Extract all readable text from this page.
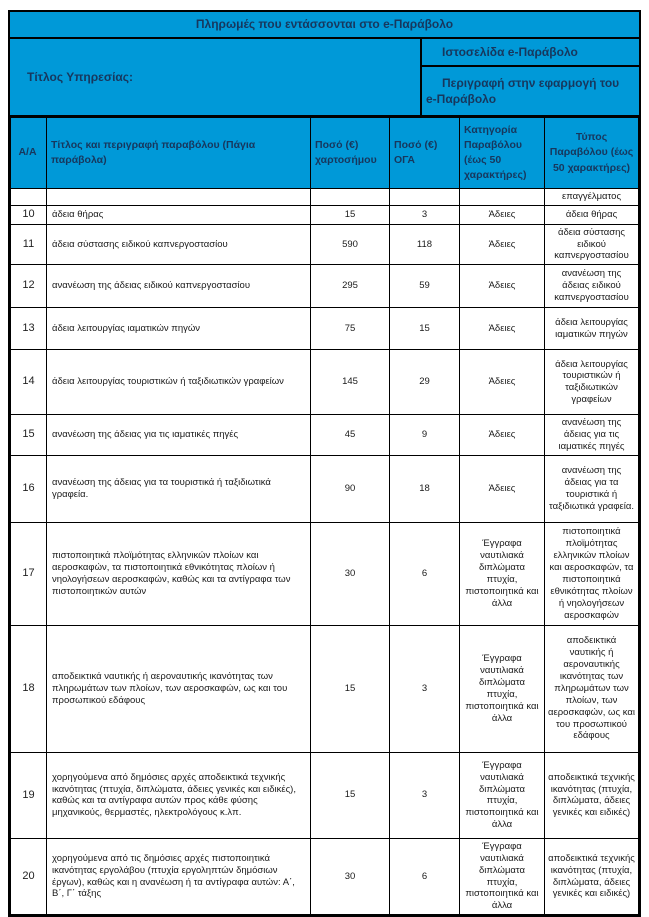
Πληρωμές που εντάσσονται στο e-Παράβολο
Τίτλος Υπηρεσίας:
Ιστοσελίδα e-Παράβολο
Περιγραφή στην εφαρμογή του e-Παράβολο
Α/Α	Τίτλος και περιγραφή παραβόλου (Πάγια παράβολα)	Ποσό (€) χαρτοσήμου	Ποσό (€) ΟΓΑ	Κατηγορία Παραβόλου (έως 50 χαρακτήρες)	Τύπος Παραβόλου (έως 50 χαρακτήρες)
					επαγγέλματος
10	άδεια θήρας	15	3	Άδειες	άδεια θήρας
11	άδεια σύστασης ειδικού καπνεργοστασίου	590	118	Άδειες	άδεια σύστασης ειδικού καπνεργοστασίου
12	ανανέωση της άδειας ειδικού καπνεργοστασίου	295	59	Άδειες	ανανέωση της άδειας ειδικού καπνεργοστασίου
13	άδεια λειτουργίας ιαματικών πηγών	75	15	Άδειες	άδεια λειτουργίας ιαματικών πηγών
14	άδεια λειτουργίας τουριστικών ή ταξιδιωτικών γραφείων	145	29	Άδειες	άδεια λειτουργίας τουριστικών ή ταξιδιωτικών γραφείων
15	ανανέωση της άδειας για τις ιαματικές πηγές	45	9	Άδειες	ανανέωση της άδειας για τις ιαματικές πηγές
16	ανανέωση της άδειας για τα τουριστικά ή ταξιδιωτικά γραφεία.	90	18	Άδειες	ανανέωση της άδειας για τα τουριστικά ή ταξιδιωτικά γραφεία.
17	πιστοποιητικά πλοϊμότητας ελληνικών πλοίων και αεροσκαφών, τα πιστοποιητικά εθνικότητας πλοίων ή νηολογήσεων αεροσκαφών, καθώς και τα αντίγραφα των πιστοποιητικών αυτών	30	6	Έγγραφα ναυτιλιακά διπλώματα πτυχία, πιστοποιητικά και άλλα	πιστοποιητικά πλοϊμότητας ελληνικών πλοίων και αεροσκαφών, τα πιστοποιητικά εθνικότητας πλοίων ή νηολογήσεων αεροσκαφών
18	αποδεικτικά ναυτικής ή αεροναυτικής ικανότητας των πληρωμάτων των πλοίων, των αεροσκαφών, ως και του προσωπικού εδάφους	15	3	Έγγραφα ναυτιλιακά διπλώματα πτυχία, πιστοποιητικά και άλλα	αποδεικτικά ναυτικής ή αεροναυτικής ικανότητας των πληρωμάτων των πλοίων, των αεροσκαφών, ως και του προσωπικού εδάφους
19	χορηγούμενα από δημόσιες αρχές αποδεικτικά τεχνικής ικανότητας (πτυχία, διπλώματα, άδειες γενικές και ειδικές), καθώς και τα αντίγραφα αυτών προς κάθε φύσης μηχανικούς, θερμαστές, ηλεκτρολόγους κ.λπ.	15	3	Έγγραφα ναυτιλιακά διπλώματα πτυχία, πιστοποιητικά και άλλα	αποδεικτικά τεχνικής ικανότητας (πτυχία, διπλώματα, άδειες γενικές και ειδικές)
20	χορηγούμενα από τις δημόσιες αρχές πιστοποιητικά ικανότητας εργολάβου (πτυχία εργοληπτών δημόσιων έργων), καθώς και η ανανέωση ή τα αντίγραφα αυτών: Α΄, Β΄, Γ΄ τάξης	30	6	Έγγραφα ναυτιλιακά διπλώματα πτυχία, πιστοποιητικά και άλλα	αποδεικτικά τεχνικής ικανότητας (πτυχία, διπλώματα, άδειες γενικές και ειδικές)
